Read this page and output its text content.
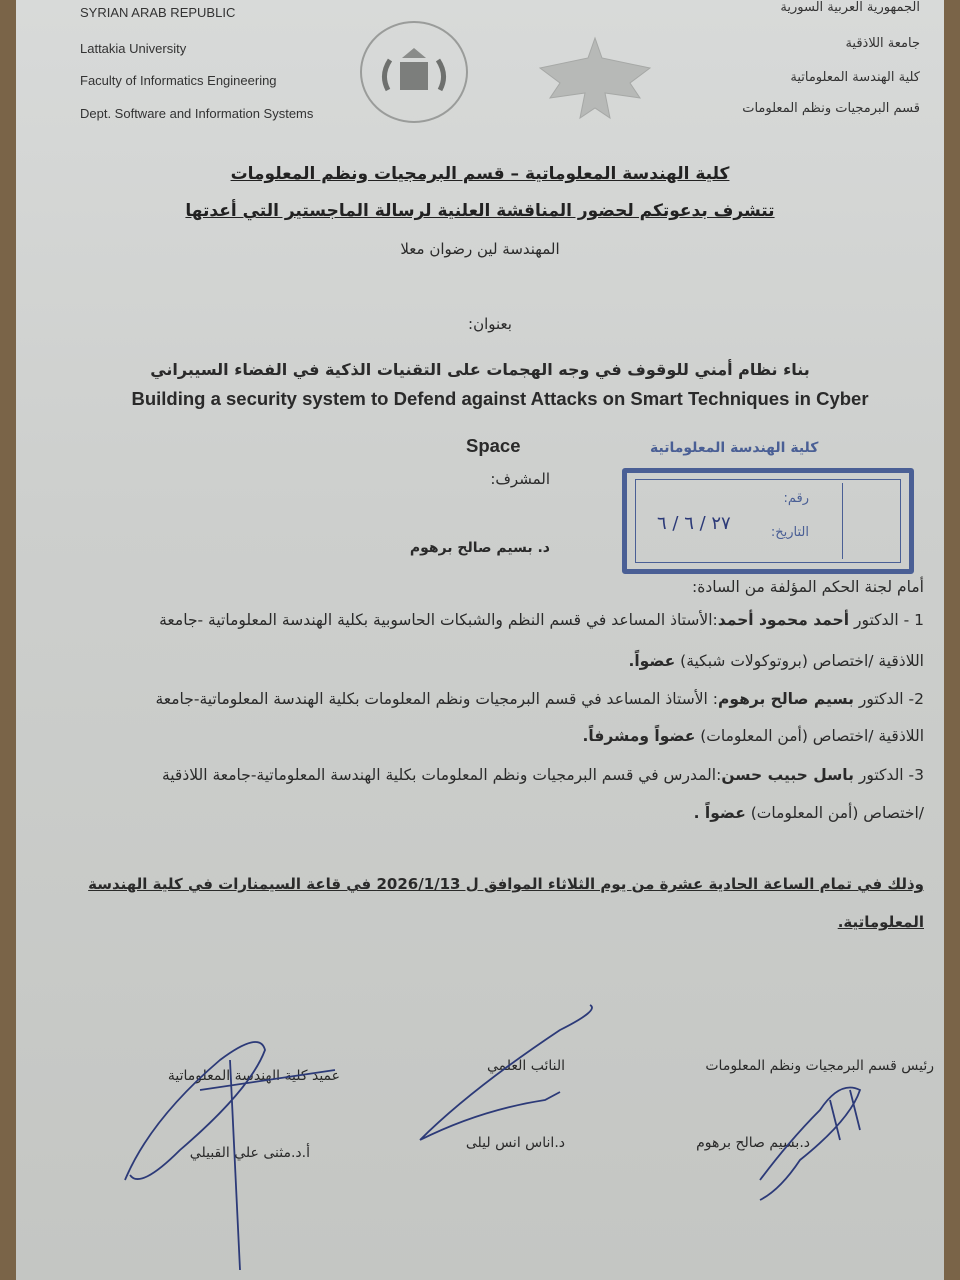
SYRIAN ARAB REPUBLIC
Lattakia University
Faculty of Informatics Engineering
Dept. Software and Information Systems
الجمهورية العربية السورية
جامعة اللاذقية
كلية الهندسة المعلوماتية
قسم البرمجيات ونظم المعلومات
كلية الهندسة المعلوماتية – قسم البرمجيات ونظم المعلومات
تتشرف بدعوتكم لحضور المناقشة العلنية لرسالة الماجستير التي أعدتها
المهندسة لين رضوان معلا
بعنوان:
بناء نظام أمني للوقوف في وجه الهجمات على التقنيات الذكية في الفضاء السيبراني
Building a security system to Defend against Attacks on Smart Techniques in Cyber
Space
المشرف:
د. بسيم صالح برهوم
كلية الهندسة المعلوماتية
رقم:
التاريخ:
٢٧ / ٦ / ٦
أمام لجنة الحكم المؤلفة من السادة:
1 - الدكتور أحمد محمود أحمد:الأستاذ المساعد في قسم النظم والشبكات الحاسوبية بكلية الهندسة المعلوماتية -جامعة
اللاذقية /اختصاص (بروتوكولات شبكية) عضواً.
2- الدكتور بسيم صالح برهوم: الأستاذ المساعد في قسم البرمجيات ونظم المعلومات بكلية الهندسة المعلوماتية-جامعة
اللاذقية /اختصاص (أمن المعلومات) عضواً ومشرفاً.
3- الدكتور باسل حبيب حسن:المدرس في قسم البرمجيات ونظم المعلومات بكلية الهندسة المعلوماتية-جامعة اللاذقية
/اختصاص (أمن المعلومات) عضواً .
وذلك في تمام الساعة الحادية عشرة من يوم الثلاثاء الموافق ل 2026/1/13 في قاعة السيمنارات في كلية الهندسة
المعلوماتية.
رئيس قسم البرمجيات ونظم المعلومات
د.بسيم صالح برهوم
النائب العلمي
د.اناس انس ليلى
عميد كلية الهندسة المعلوماتية
أ.د.مثنى علي القبيلي
